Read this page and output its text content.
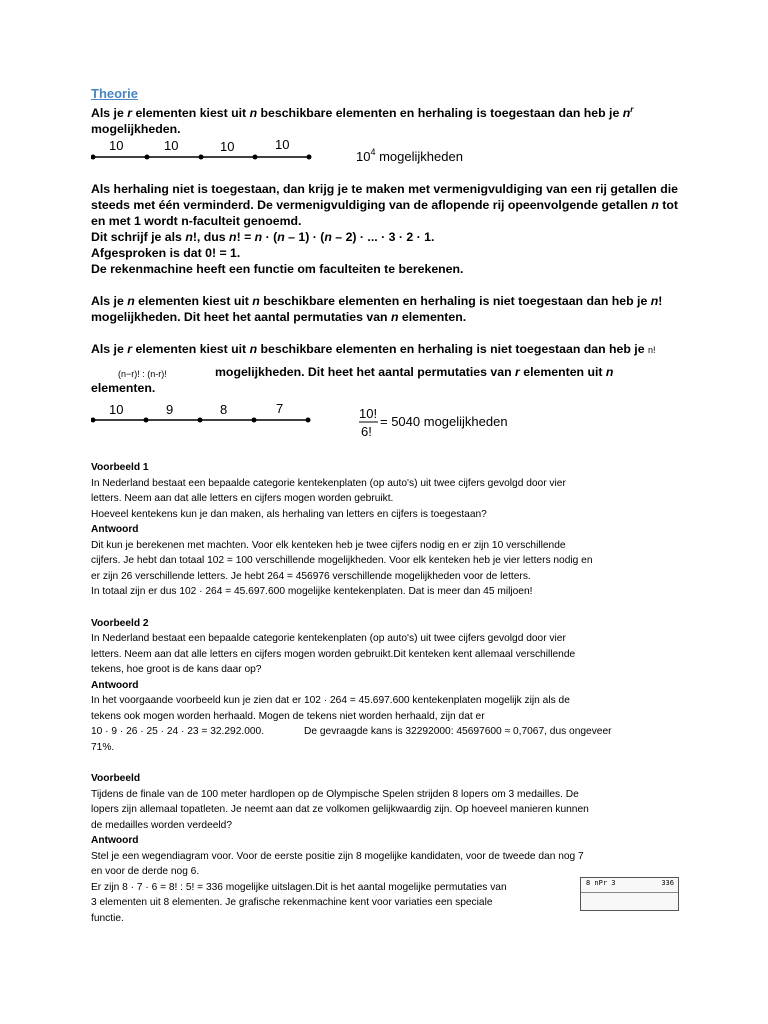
Theorie

Als je r elementen kiest uit n beschikbare elementen en herhaling is toegestaan dan heb je $n^r$
mogelijkheden.

10	10	10	10
$10^4$ mogelijkheden

Als herhaling niet is toegestaan, dan krijg je te maken met vermenigvuldiging van een rij getallen die
steeds met één verminderd. De vermenigvuldiging van de aflopende rij opeenvolgende getallen n tot
en met 1 wordt n-faculteit genoemd.
Dit schrijf je als n!, dus n! = n · (n – 1) · (n – 2) · ... · 3 · 2 · 1.
Afgesproken is dat 0! = 1.
De rekenmachine heeft een functie om faculteiten te berekenen.

Als je n elementen kiest uit n beschikbare elementen en herhaling is niet toegestaan dan heb je n!
mogelijkheden. Dit heet het aantal permutaties van n elementen.

Als je r elementen kiest uit n beschikbare elementen en herhaling is niet toegestaan dan heb je n!

(n−r)! : (n-r)!	mogelijkheden. Dit heet het aantal permutaties van r elementen uit n
elementen.
10	9	8	7	10!
6!
= 5040 mogelijkheden

Voorbeeld 1

In Nederland bestaat een bepaalde categorie kentekenplaten (op auto's) uit twee cijfers gevolgd door vier

letters. Neem aan dat alle letters en cijfers mogen worden gebruikt.

Hoeveel kentekens kun je dan maken, als herhaling van letters en cijfers is toegestaan?

Antwoord

Dit kun je berekenen met machten. Voor elk kenteken heb je twee cijfers nodig en er zijn 10 verschillende

cijfers. Je hebt dan totaal 102 = 100 verschillende mogelijkheden. Voor elk kenteken heb je vier letters nodig en

er zijn 26 verschillende letters. Je hebt 264 = 456976 verschillende mogelijkheden voor de letters.

In totaal zijn er dus 102 · 264 = 45.697.600 mogelijke kentekenplaten. Dat is meer dan 45 miljoen!

Voorbeeld 2

In Nederland bestaat een bepaalde categorie kentekenplaten (op auto's) uit twee cijfers gevolgd door vier

letters. Neem aan dat alle letters en cijfers mogen worden gebruikt.Dit kenteken kent allemaal verschillende

tekens, hoe groot is de kans daar op?

Antwoord

In het voorgaande voorbeeld kun je zien dat er 102 · 264 = 45.697.600 kentekenplaten mogelijk zijn als de

tekens ook mogen worden herhaald. Mogen de tekens niet worden herhaald, zijn dat er

10 · 9 · 26 · 25 · 24 · 23 = 32.292.000.	De gevraagde kans is 32292000: 45697600 ≈ 0,7067, dus ongeveer

71%.

Voorbeeld

Tijdens de finale van de 100 meter hardlopen op de Olympische Spelen strijden 8 lopers om 3 medailles. De

lopers zijn allemaal topatleten. Je neemt aan dat ze volkomen gelijkwaardig zijn. Op hoeveel manieren kunnen

de medailles worden verdeeld?

Antwoord

Stel je een wegendiagram voor. Voor de eerste positie zijn 8 mogelijke kandidaten, voor de tweede dan nog 7

en voor de derde nog 6.

Er zijn 8 · 7 · 6 = 8! : 5! = 336 mogelijke uitslagen.Dit is het aantal mogelijke permutaties van

3 elementen uit 8 elementen. Je grafische rekenmachine kent voor variaties een speciale

functie.

8 nPr 3	336
